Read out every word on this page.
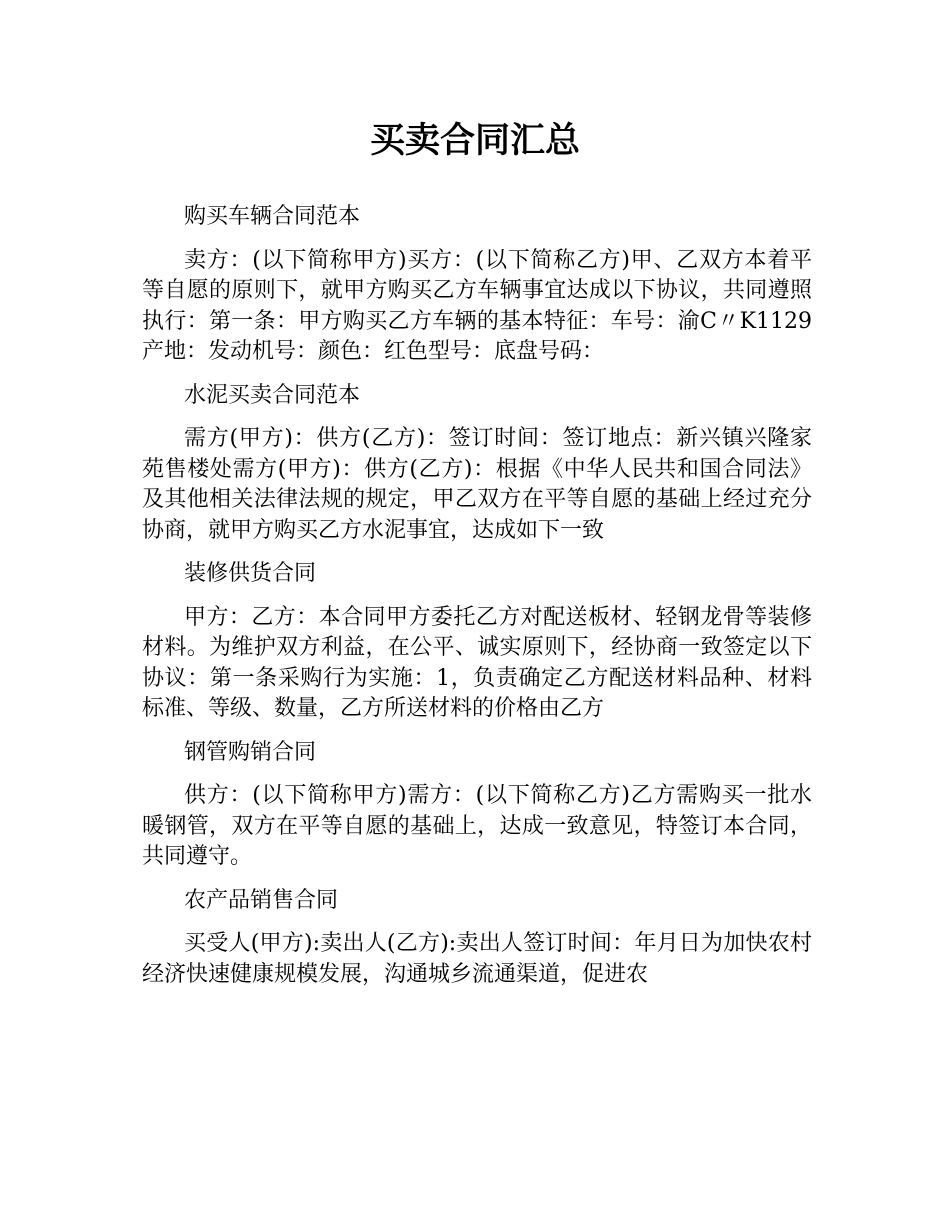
买卖合同汇总

购买车辆合同范本

卖方：(以下简称甲方)买方：(以下简称乙方)甲、乙双方本着平等自愿的原则下，就甲方购买乙方车辆事宜达成以下协议，共同遵照执行：第一条：甲方购买乙方车辆的基本特征：车号：渝C〃K1129产地：发动机号：颜色：红色型号：底盘号码：

水泥买卖合同范本

需方(甲方)：供方(乙方)：签订时间：签订地点：新兴镇兴隆家苑售楼处需方(甲方)：供方(乙方)：根据《中华人民共和国合同法》及其他相关法律法规的规定，甲乙双方在平等自愿的基础上经过充分协商，就甲方购买乙方水泥事宜，达成如下一致

装修供货合同

甲方：乙方：本合同甲方委托乙方对配送板材、轻钢龙骨等装修材料。为维护双方利益，在公平、诚实原则下，经协商一致签定以下协议：第一条采购行为实施：1，负责确定乙方配送材料品种、材料标准、等级、数量，乙方所送材料的价格由乙方

钢管购销合同

供方：(以下简称甲方)需方：(以下简称乙方)乙方需购买一批水暖钢管，双方在平等自愿的基础上，达成一致意见，特签订本合同，共同遵守。

农产品销售合同

买受人(甲方):卖出人(乙方):卖出人签订时间：年月日为加快农村经济快速健康规模发展，沟通城乡流通渠道，促进农
